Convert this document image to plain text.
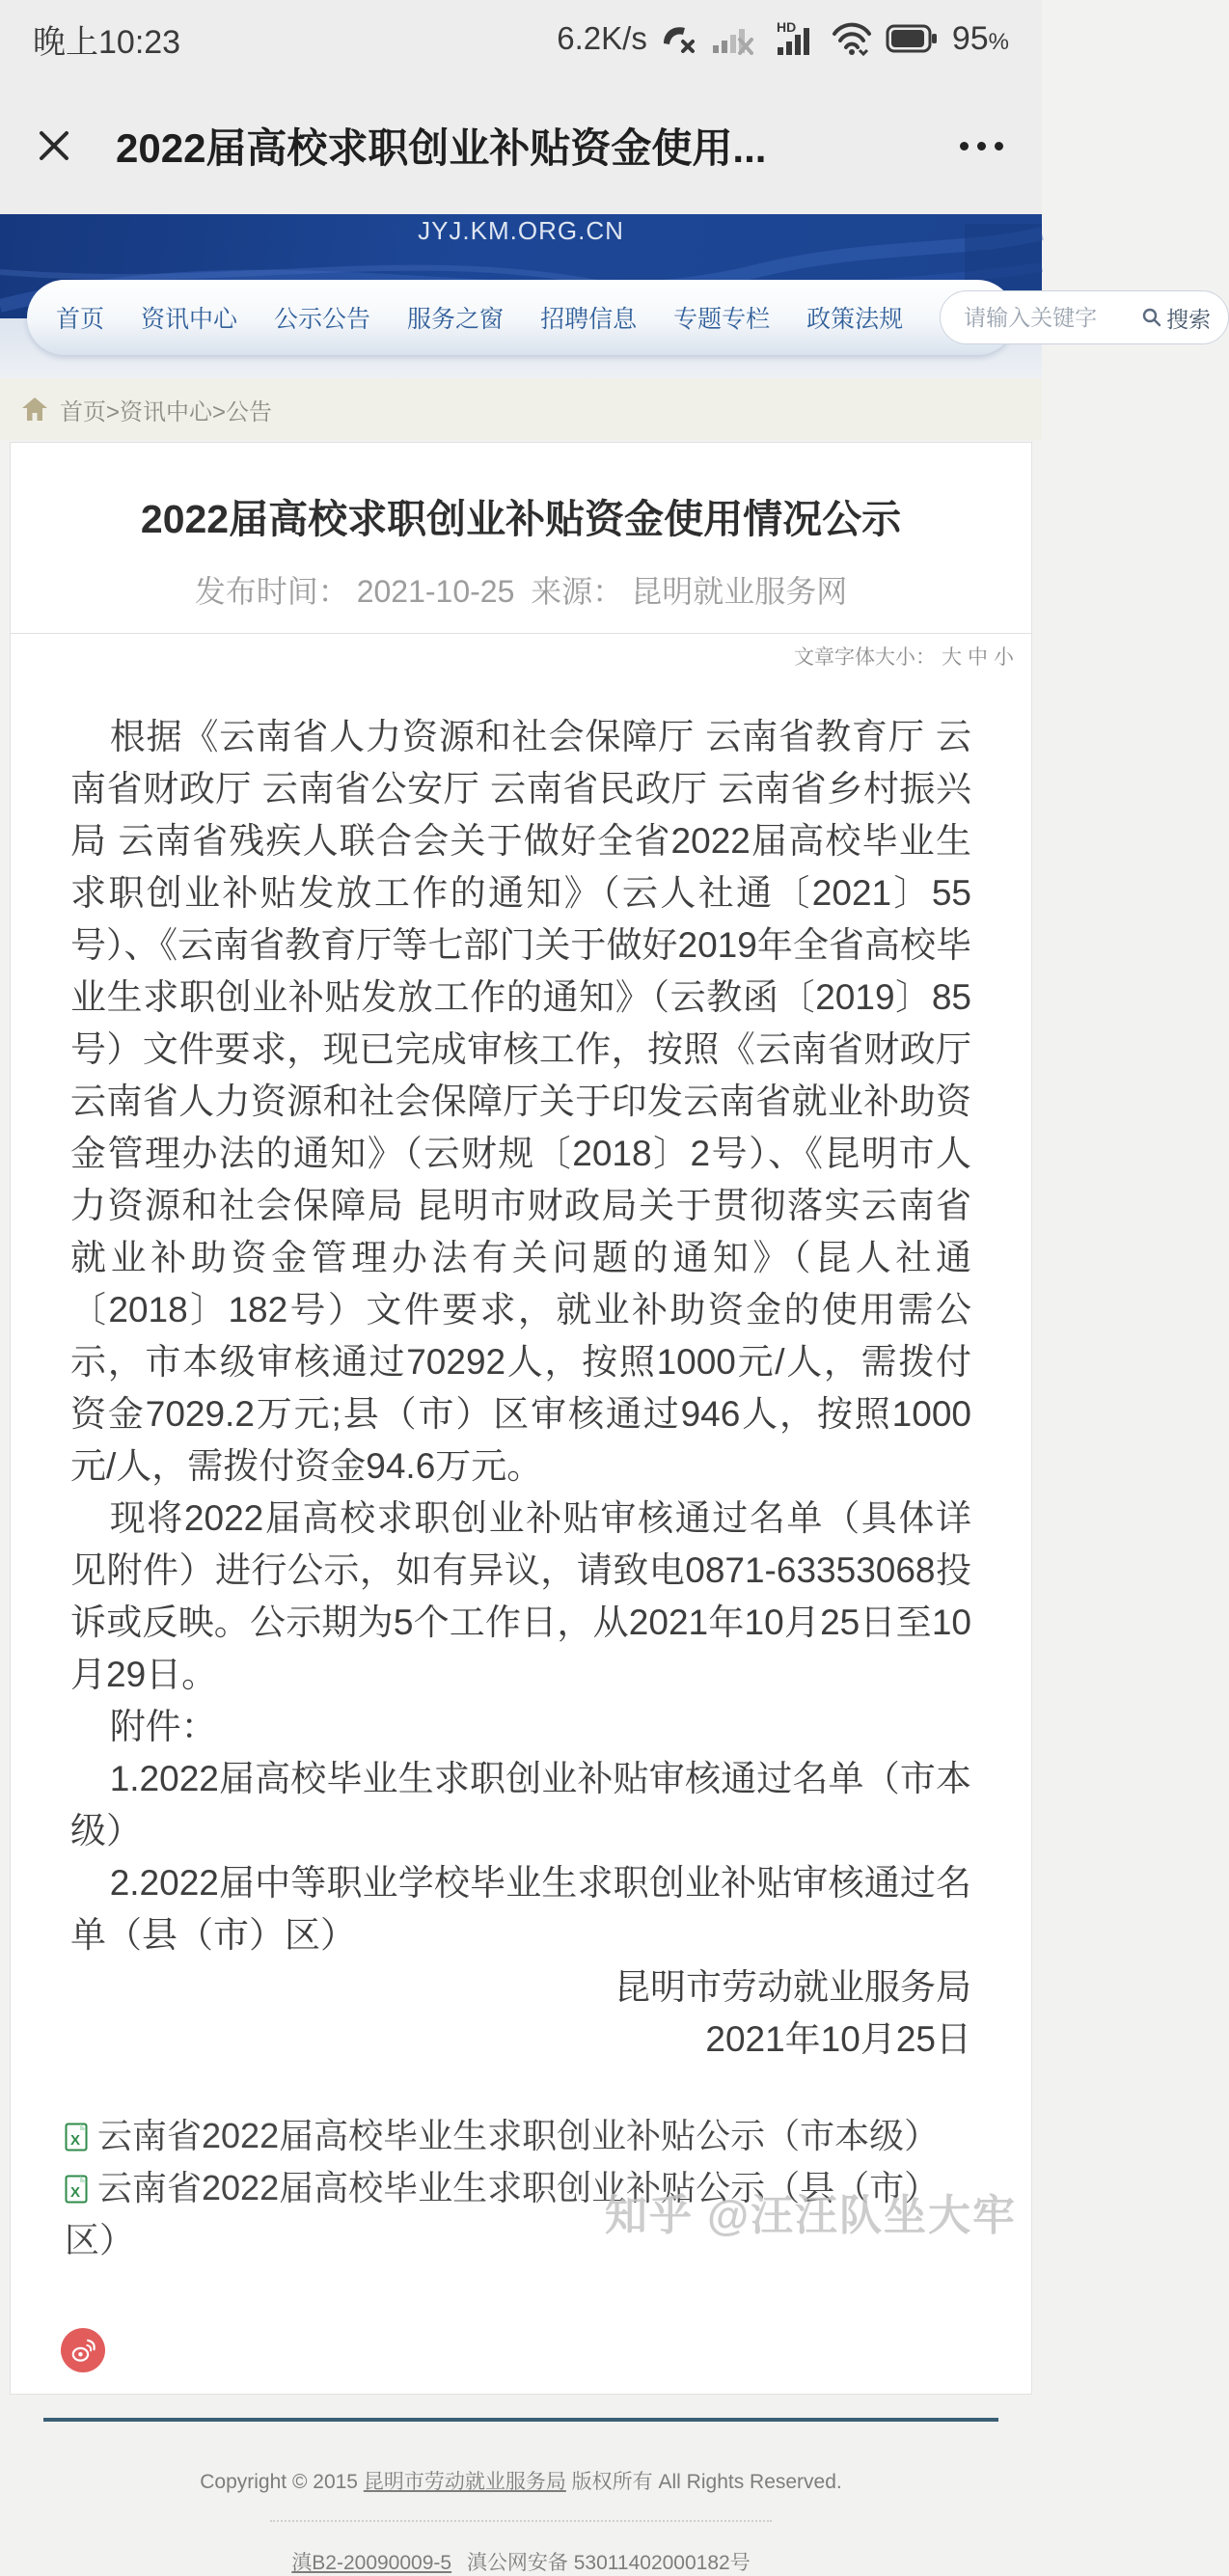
晚上10:23	6.2K/s	HD	95%
2022届高校求职创业补贴资金使用...
JYJ.KM.ORG.CN
首页 资讯中心 公示公告 服务之窗 招聘信息 专题专栏 政策法规
请输入关键字	搜索
首页>资讯中心>公告
2022届高校求职创业补贴资金使用情况公示
发布时间： 2021-10-25 来源： 昆明就业服务网
文章字体大小： 大 中 小

根据《云南省人力资源和社会保障厅 云南省教育厅 云南省财政厅 云南省公安厅 云南省民政厅 云南省乡村振兴局 云南省残疾人联合会关于做好全省2022届高校毕业生求职创业补贴发放工作的通知》（云人社通〔2021〕55号）、《云南省教育厅等七部门关于做好2019年全省高校毕业生求职创业补贴发放工作的通知》（云教函〔2019〕85号）文件要求，现已完成审核工作，按照《云南省财政厅 云南省人力资源和社会保障厅关于印发云南省就业补助资金管理办法的通知》（云财规〔2018〕2号）、《昆明市人力资源和社会保障局 昆明市财政局关于贯彻落实云南省就业补助资金管理办法有关问题的通知》（昆人社通〔2018〕182号）文件要求，就业补助资金的使用需公示，市本级审核通过70292人，按照1000元/人，需拨付资金7029.2万元;县（市）区审核通过946人，按照1000元/人，需拨付资金94.6万元。

现将2022届高校求职创业补贴审核通过名单（具体详见附件）进行公示，如有异议，请致电0871-63353068投诉或反映。公示期为5个工作日，从2021年10月25日至10月29日。

附件：

1.2022届高校毕业生求职创业补贴审核通过名单（市本级）

2.2022届中等职业学校毕业生求职创业补贴审核通过名单（县（市）区）

昆明市劳动就业服务局

2021年10月25日

X 云南省2022届高校毕业生求职创业补贴公示（市本级）
X 云南省2022届高校毕业生求职创业补贴公示（县（市）区）
Copyright © 2015 昆明市劳动就业服务局 版权所有 All Rights Reserved.
滇B2-20090009-5 滇公网安备 53011402000182号
知乎 @汪汪队坐大牢
